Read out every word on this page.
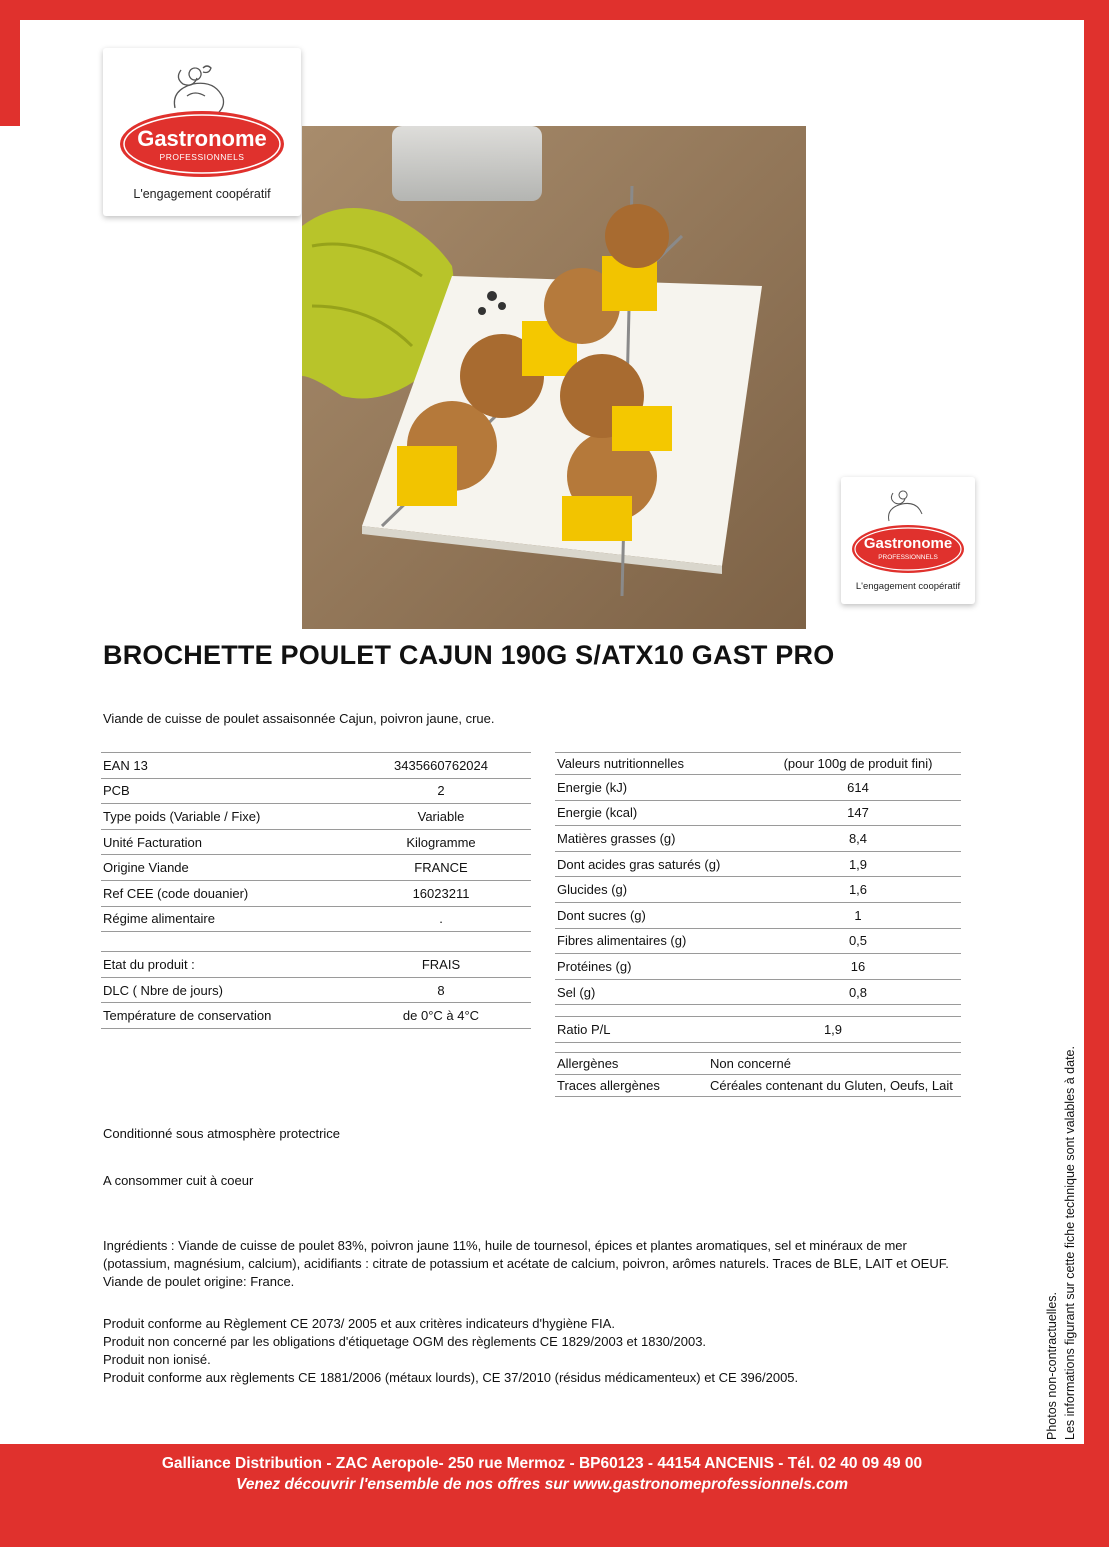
Code article : 5762021
Date de Création : 12/03/18 08:58:17
Date de Mise à jour : 19/10/21 15:00:07
Gastronome
PROFESSIONNELS
L'engagement coopératif
Gastronome
PROFESSIONNELS
L'engagement coopératif
BROCHETTE POULET CAJUN 190G S/ATX10 GAST PRO
Viande de cuisse de poulet assaisonnée Cajun, poivron jaune, crue.
EAN 13	3435660762024
PCB	2
Type poids (Variable / Fixe)	Variable
Unité Facturation	Kilogramme
Origine Viande	FRANCE
Ref CEE (code douanier)	16023211
Régime alimentaire	.

Etat du produit :	FRAIS
DLC ( Nbre de jours)	8
Température de conservation	de 0°C à 4°C
Valeurs nutritionnelles	(pour 100g de produit fini)
Energie (kJ)	614
Energie (kcal)	147
Matières grasses (g)	8,4
Dont acides gras saturés (g)	1,9
Glucides (g)	1,6
Dont sucres (g)	1
Fibres alimentaires (g)	0,5
Protéines (g)	16
Sel (g)	0,8
Ratio P/L	1,9
Allergènes	Non concerné
Traces allergènes	Céréales contenant du Gluten, Oeufs, Lait
Conditionné sous atmosphère protectrice
A consommer cuit à coeur
Ingrédients : Viande de cuisse de poulet 83%, poivron jaune 11%, huile de tournesol, épices et plantes aromatiques, sel et minéraux de mer
(potassium, magnésium, calcium), acidifiants : citrate de potassium et acétate de calcium, poivron, arômes naturels. Traces de BLE, LAIT et OEUF.
Viande de poulet origine: France.
Produit conforme au Règlement CE 2073/ 2005 et aux critères indicateurs d'hygiène FIA.
Produit non concerné par les obligations d'étiquetage OGM des règlements CE 1829/2003 et 1830/2003.
Produit non ionisé.
Produit conforme aux règlements CE 1881/2006 (métaux lourds), CE 37/2010 (résidus médicamenteux) et CE 396/2005.	Photos non-contractuelles. Les informations figurant sur cette fiche technique sont valables à date.
Galliance Distribution - ZAC Aeropole- 250 rue Mermoz - BP60123 - 44154 ANCENIS - Tél. 02 40 09 49 00
Venez découvrir l'ensemble de nos offres sur www.gastronomeprofessionnels.com
